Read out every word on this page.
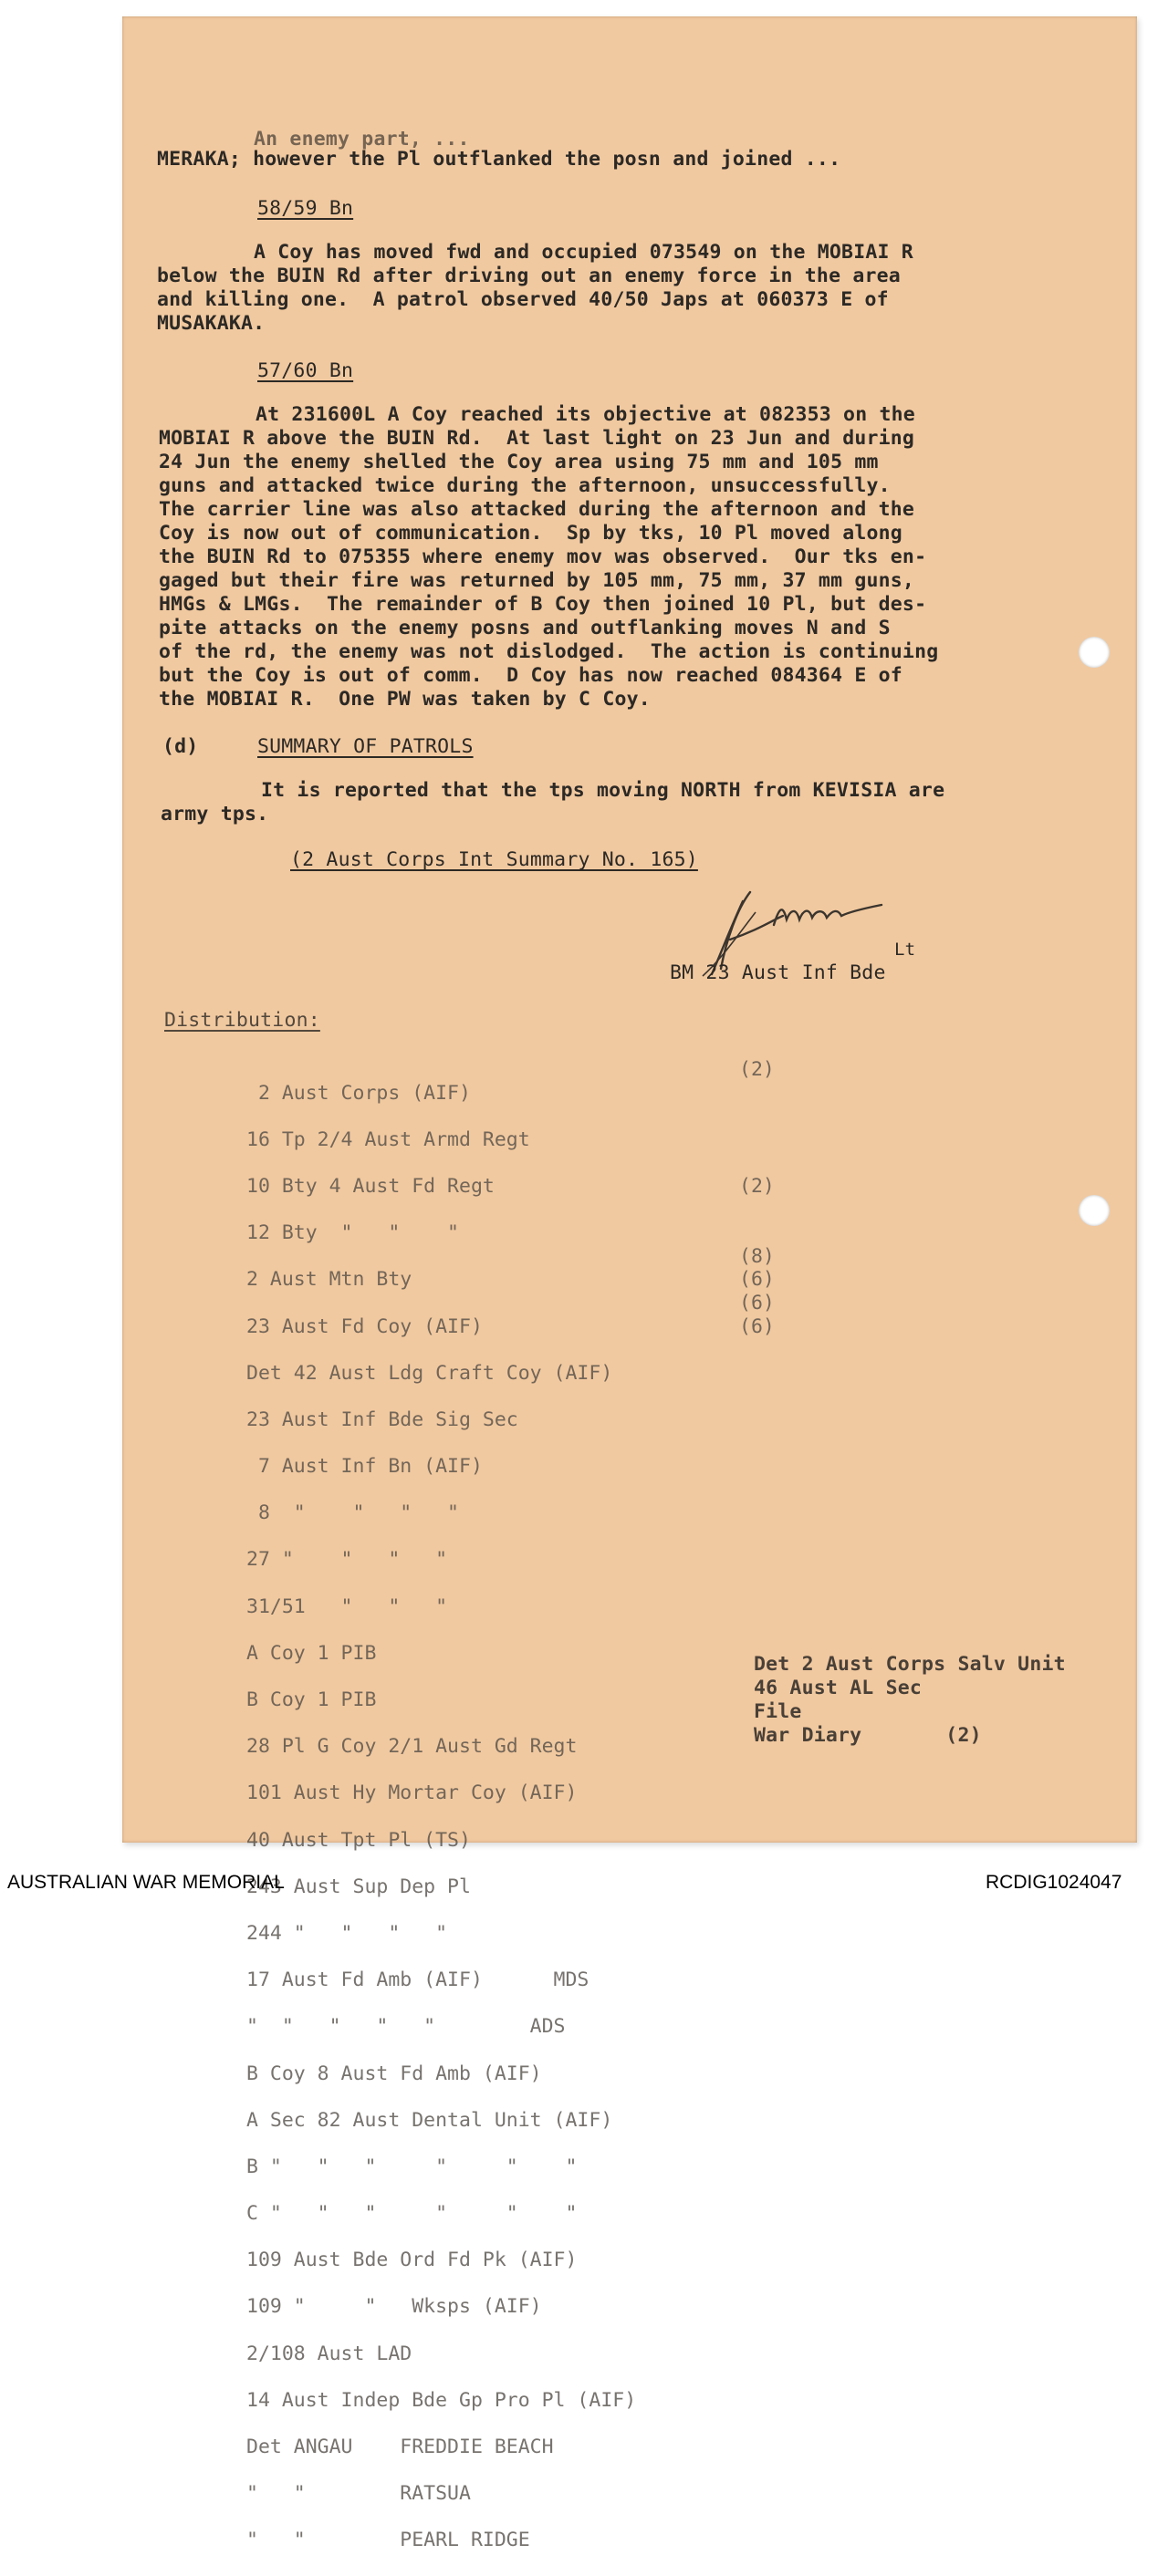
An enemy part, ...
MERAKA; however the Pl outflanked the posn and joined ...
58/59 Bn
A Coy has moved fwd and occupied 073549 on the MOBIAI R
below the BUIN Rd after driving out an enemy force in the area
and killing one.  A patrol observed 40/50 Japs at 060373 E of
MUSAKAKA.
57/60 Bn
At 231600L A Coy reached its objective at 082353 on the
MOBIAI R above the BUIN Rd.  At last light on 23 Jun and during
24 Jun the enemy shelled the Coy area using 75 mm and 105 mm
guns and attacked twice during the afternoon, unsuccessfully.
The carrier line was also attacked during the afternoon and the
Coy is now out of communication.  Sp by tks, 10 Pl moved along
the BUIN Rd to 075355 where enemy mov was observed.  Our tks en-
gaged but their fire was returned by 105 mm, 75 mm, 37 mm guns,
HMGs & LMGs.  The remainder of B Coy then joined 10 Pl, but des-
pite attacks on the enemy posns and outflanking moves N and S
of the rd, the enemy was not dislodged.  The action is continuing
but the Coy is out of comm.  D Coy has now reached 084364 E of
the MOBIAI R.  One PW was taken by C Coy.
(d)	SUMMARY OF PATROLS
It is reported that the tps moving NORTH from KEVISIA are
army tps.
(2 Aust Corps Int Summary No. 165)
Lt
BM 23 Aust Inf Bde
Distribution:

2 Aust Corps (AIF)

16 Tp 2/4 Aust Armd Regt

10 Bty 4 Aust Fd Regt

12 Bty  "   "    "

2 Aust Mtn Bty

23 Aust Fd Coy (AIF)

Det 42 Aust Ldg Craft Coy (AIF)

23 Aust Inf Bde Sig Sec

7 Aust Inf Bn (AIF)

8  "    "   "   "

27 "    "   "   "

31/51   "   "   "

A Coy 1 PIB

B Coy 1 PIB

28 Pl G Coy 2/1 Aust Gd Regt

101 Aust Hy Mortar Coy (AIF)

40 Aust Tpt Pl (TS)

243 Aust Sup Dep Pl

244 "   "   "   "

17 Aust Fd Amb (AIF)      MDS

"  "   "   "   "        ADS

B Coy 8 Aust Fd Amb (AIF)

A Sec 82 Aust Dental Unit (AIF)

B "   "   "     "     "    "

C "   "   "     "     "    "

109 Aust Bde Ord Fd Pk (AIF)

109 "     "   Wksps (AIF)

2/108 Aust LAD

14 Aust Indep Bde Gp Pro Pl (AIF)

Det ANGAU    FREDDIE BEACH

"   "        RATSUA

"   "        PEARL RIDGE

(2)
(2)
(8)
(6)
(6)
(6)
Det 2 Aust Corps Salv Unit
46 Aust AL Sec
File
War Diary       (2)
AUSTRALIAN WAR MEMORIAL	RCDIG1024047
